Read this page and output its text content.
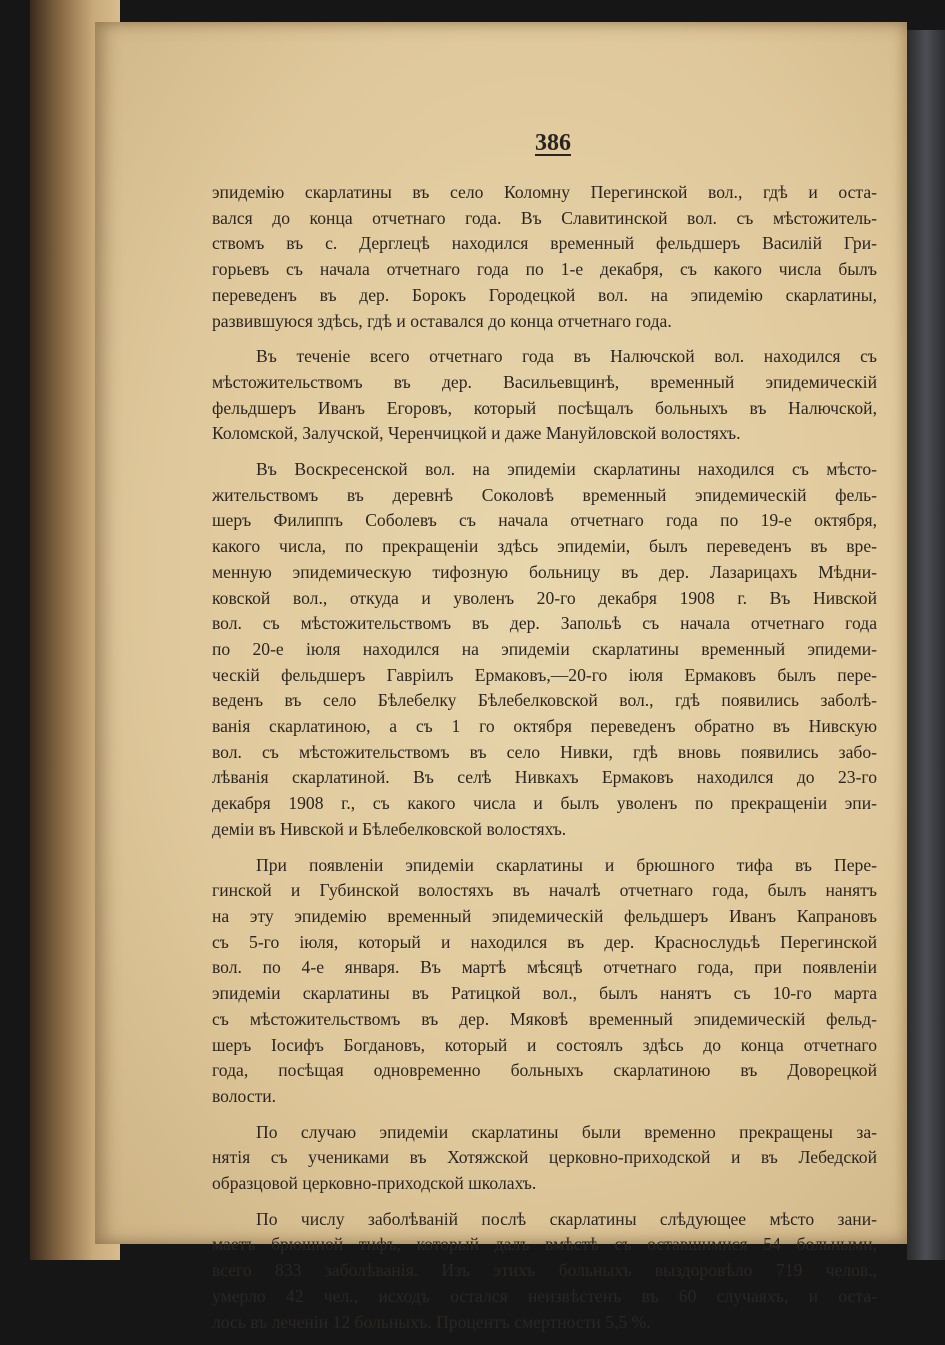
386

эпидемію скарлатины въ село Коломну Перегинской вол., гдѣ и оста-
вался до конца отчетнаго года. Въ Славитинской вол. съ мѣстожитель-
ствомъ въ с. Дерглецѣ находился временный фельдшеръ Василій Гри-
горьевъ съ начала отчетнаго года по 1-е декабря, съ какого числа былъ
переведенъ въ дер. Борокъ Городецкой вол. на эпидемію скарлатины,
развившуюся здѣсь, гдѣ и оставался до конца отчетнаго года.

Въ теченіе всего отчетнаго года въ Налючской вол. находился съ
мѣстожительствомъ въ дер. Васильевщинѣ, временный эпидемическій
фельдшеръ Иванъ Егоровъ, который посѣщалъ больныхъ въ Налючской,
Коломской, Залучской, Черенчицкой и даже Мануйловской волостяхъ.

Въ Воскресенской вол. на эпидеміи скарлатины находился съ мѣсто-
жительствомъ въ деревнѣ Соколовѣ временный эпидемическій фель-
шеръ Филиппъ Соболевъ съ начала отчетнаго года по 19-е октября,
какого числа, по прекращеніи здѣсь эпидеміи, былъ переведенъ въ вре-
менную эпидемическую тифозную больницу въ дер. Лазарицахъ Мѣдни-
ковской вол., откуда и уволенъ 20-го декабря 1908 г. Въ Нивской
вол. съ мѣстожительствомъ въ дер. Запольѣ съ начала отчетнаго года
по 20-е іюля находился на эпидеміи скарлатины временный эпидеми-
ческій фельдшеръ Гавріилъ Ермаковъ,—20-го іюля Ермаковъ былъ пере-
веденъ въ село Бѣлебелку Бѣлебелковской вол., гдѣ появились заболѣ-
ванія скарлатиною, а съ 1 го октября переведенъ обратно въ Нивскую
вол. съ мѣстожительствомъ въ село Нивки, гдѣ вновь появились забо-
лѣванія скарлатиной. Въ селѣ Нивкахъ Ермаковъ находился до 23-го
декабря 1908 г., съ какого числа и былъ уволенъ по прекращеніи эпи-
деміи въ Нивской и Бѣлебелковской волостяхъ.

При появленіи эпидеміи скарлатины и брюшного тифа въ Пере-
гинской и Губинской волостяхъ въ началѣ отчетнаго года, былъ нанятъ
на эту эпидемію временный эпидемическій фельдшеръ Иванъ Капрановъ
съ 5-го іюля, который и находился въ дер. Краснослудьѣ Перегинской
вол. по 4-е января. Въ мартѣ мѣсяцѣ отчетнаго года, при появленіи
эпидеміи скарлатины въ Ратицкой вол., былъ нанятъ съ 10-го марта
съ мѣстожительствомъ въ дер. Мяковѣ временный эпидемическій фельд-
шеръ Іосифъ Богдановъ, который и состоялъ здѣсь до конца отчетнаго
года, посѣщая одновременно больныхъ скарлатиною въ Доворецкой
волости.

По случаю эпидеміи скарлатины были временно прекращены за-
нятія съ учениками въ Хотяжской церковно-приходской и въ Лебедской
образцовой церковно-приходской школахъ.

По числу заболѣваній послѣ скарлатины слѣдующее мѣсто зани-
маетъ брюшной тифъ, который далъ вмѣстѣ съ оставшимися 54 больными,
всего 833 заболѣванія. Изъ этихъ больныхъ выздоровѣло 719 челов.,
умерло 42 чел., исходъ остался неизвѣстенъ въ 60 случаяхъ, и оста-
лось въ леченіи 12 больныхъ. Процентъ смертности 5,5 %.
